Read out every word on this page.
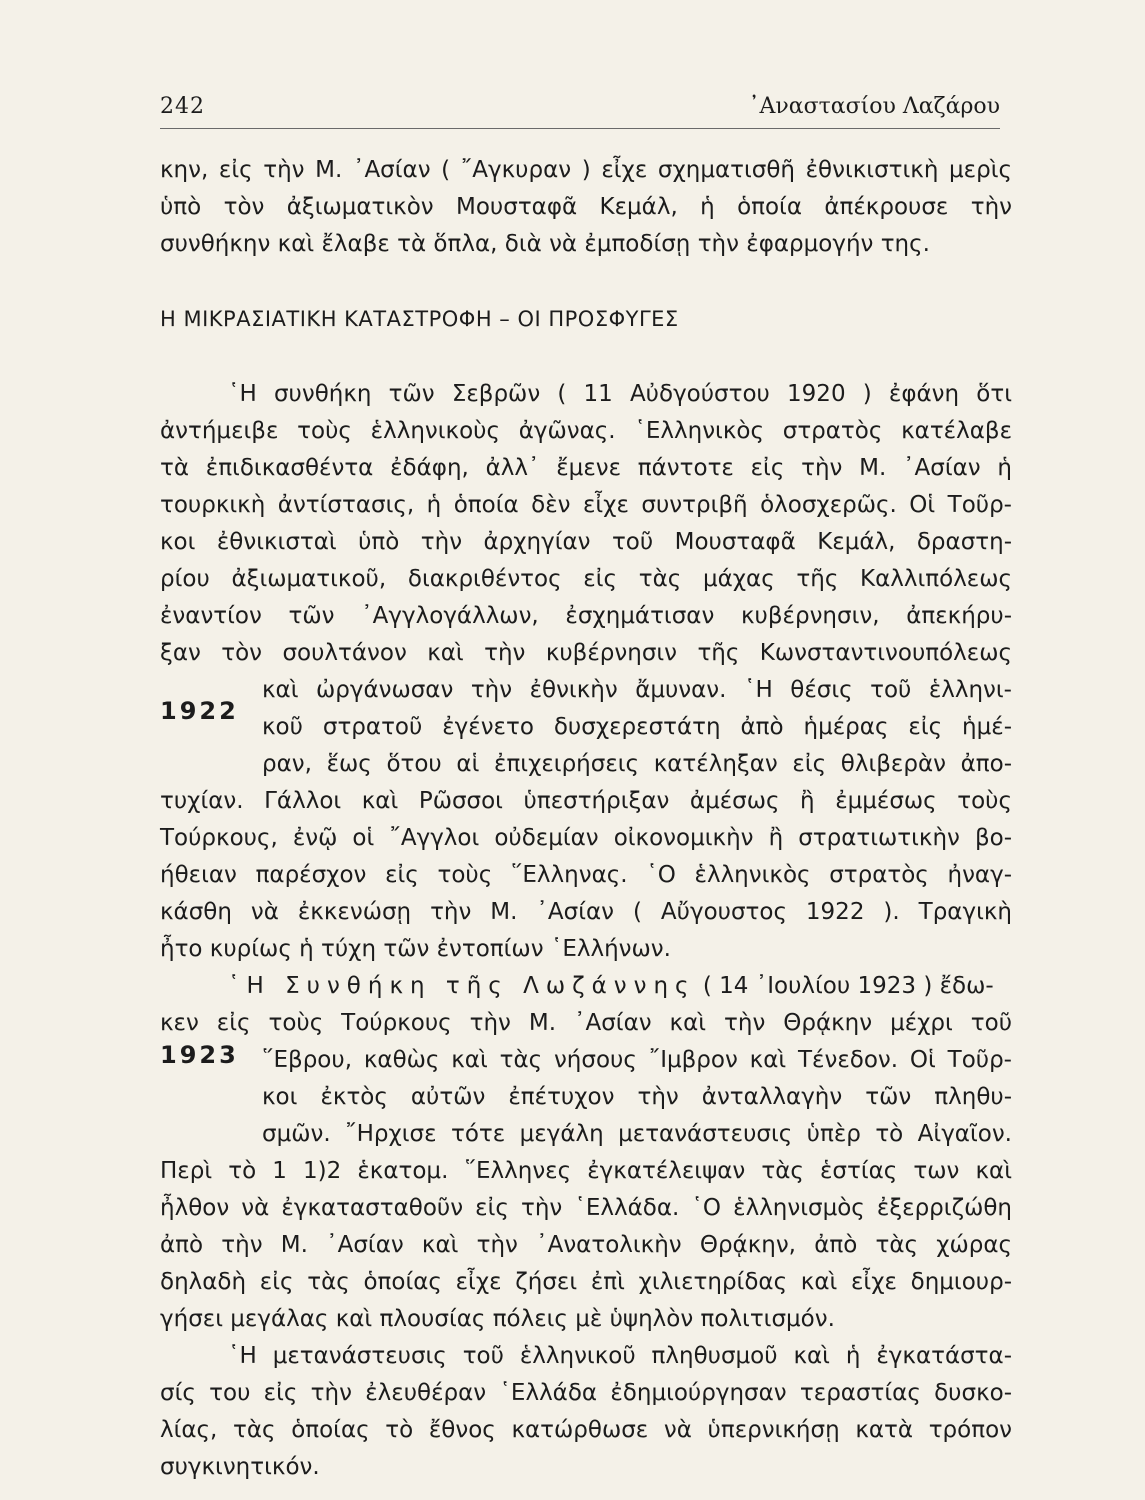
242	᾽Αναστασίου Λαζάρου
κην, εἰς τὴν Μ. ᾽Ασίαν ( ῎Αγκυραν ) εἶχε σχηματισθῆ ἐθνικιστικὴ μερὶς
ὑπὸ τὸν ἀξιωματικὸν Μουσταφᾶ Κεμάλ, ἡ ὁποία ἀπέκρουσε τὴν
συνθήκην καὶ ἔλαβε τὰ ὅπλα, διὰ νὰ ἐμποδίσῃ τὴν ἐφαρμογήν της.
Η ΜΙΚΡΑΣΙΑΤΙΚΗ ΚΑΤΑΣΤΡΟΦΗ – ΟΙ ΠΡΟΣΦΥΓΕΣ
῾Η συνθήκη τῶν Σεβρῶν ( 11 Αὐδγούστου 1920 ) ἐφάνη ὅτι
ἀντήμειβε τοὺς ἑλληνικοὺς ἀγῶνας. ῾Ελληνικὸς στρατὸς κατέλαβε
τὰ ἐπιδικασθέντα ἐδάφη, ἀλλ᾽ ἔμενε πάντοτε εἰς τὴν Μ. ᾽Ασίαν ἡ
τουρκικὴ ἀντίστασις, ἡ ὁποία δὲν εἶχε συντριβῆ ὁλοσχερῶς. Οἱ Τοῦρ-
κοι ἐθνικισταὶ ὑπὸ τὴν ἀρχηγίαν τοῦ Μουσταφᾶ Κεμάλ, δραστη-
ρίου ἀξιωματικοῦ, διακριθέντος εἰς τὰς μάχας τῆς Καλλιπόλεως
ἐναντίον τῶν ᾽Αγγλογάλλων, ἐσχημάτισαν κυβέρνησιν, ἀπεκήρυ-
ξαν τὸν σουλτάνον καὶ τὴν κυβέρνησιν τῆς Κωνσταντινουπόλεως
καὶ ὠργάνωσαν τὴν ἐθνικὴν ἄμυναν. ῾Η θέσις τοῦ ἑλληνι-
κοῦ στρατοῦ ἐγένετο δυσχερεστάτη ἀπὸ ἡμέρας εἰς ἡμέ-
ραν, ἕως ὅτου αἱ ἐπιχειρήσεις κατέληξαν εἰς θλιβερὰν ἀπο-
τυχίαν. Γάλλοι καὶ Ρῶσσοι ὑπεστήριξαν ἀμέσως ἢ ἐμμέσως τοὺς
Τούρκους, ἐνῷ οἱ ῎Αγγλοι οὐδεμίαν οἰκονομικὴν ἢ στρατιωτικὴν βο-
ήθειαν παρέσχον εἰς τοὺς ῞Ελληνας. ῾Ο ἑλληνικὸς στρατὸς ἠναγ-
κάσθη νὰ ἐκκενώσῃ τὴν Μ. ᾽Ασίαν ( Αὔγουστος 1922 ). Τραγικὴ
ἦτο κυρίως ἡ τύχη τῶν ἐντοπίων ῾Ελλήνων.
῾Η Συνθήκη τῆς Λωζάννης ( 14 ᾽Ιουλίου 1923 ) ἔδω-
κεν εἰς τοὺς Τούρκους τὴν Μ. ᾽Ασίαν καὶ τὴν Θρᾴκην μέχρι τοῦ
῞Εβρου, καθὼς καὶ τὰς νήσους ῎Ιμβρον καὶ Τένεδον. Οἱ Τοῦρ-
κοι ἐκτὸς αὐτῶν ἐπέτυχον τὴν ἀνταλλαγὴν τῶν πληθυ-
σμῶν. ῎Ηρχισε τότε μεγάλη μετανάστευσις ὑπὲρ τὸ Αἰγαῖον.
Περὶ τὸ 1 1)2 ἑκατομ. ῞Ελληνες ἐγκατέλειψαν τὰς ἑστίας των καὶ
ἦλθον νὰ ἐγκατασταθοῦν εἰς τὴν ῾Ελλάδα. ῾Ο ἑλληνισμὸς ἐξερριζώθη
ἀπὸ τὴν Μ. ᾽Ασίαν καὶ τὴν ᾽Ανατολικὴν Θρᾴκην, ἀπὸ τὰς χώρας
δηλαδὴ εἰς τὰς ὁποίας εἶχε ζήσει ἐπὶ χιλιετηρίδας καὶ εἶχε δημιουρ-
γήσει μεγάλας καὶ πλουσίας πόλεις μὲ ὑψηλὸν πολιτισμόν.
῾Η μετανάστευσις τοῦ ἑλληνικοῦ πληθυσμοῦ καὶ ἡ ἐγκατάστα-
σίς του εἰς τὴν ἐλευθέραν ῾Ελλάδα ἐδημιούργησαν τεραστίας δυσκο-
λίας, τὰς ὁποίας τὸ ἔθνος κατώρθωσε νὰ ὑπερνικήσῃ κατὰ τρόπον
συγκινητικόν.
1922
1923
